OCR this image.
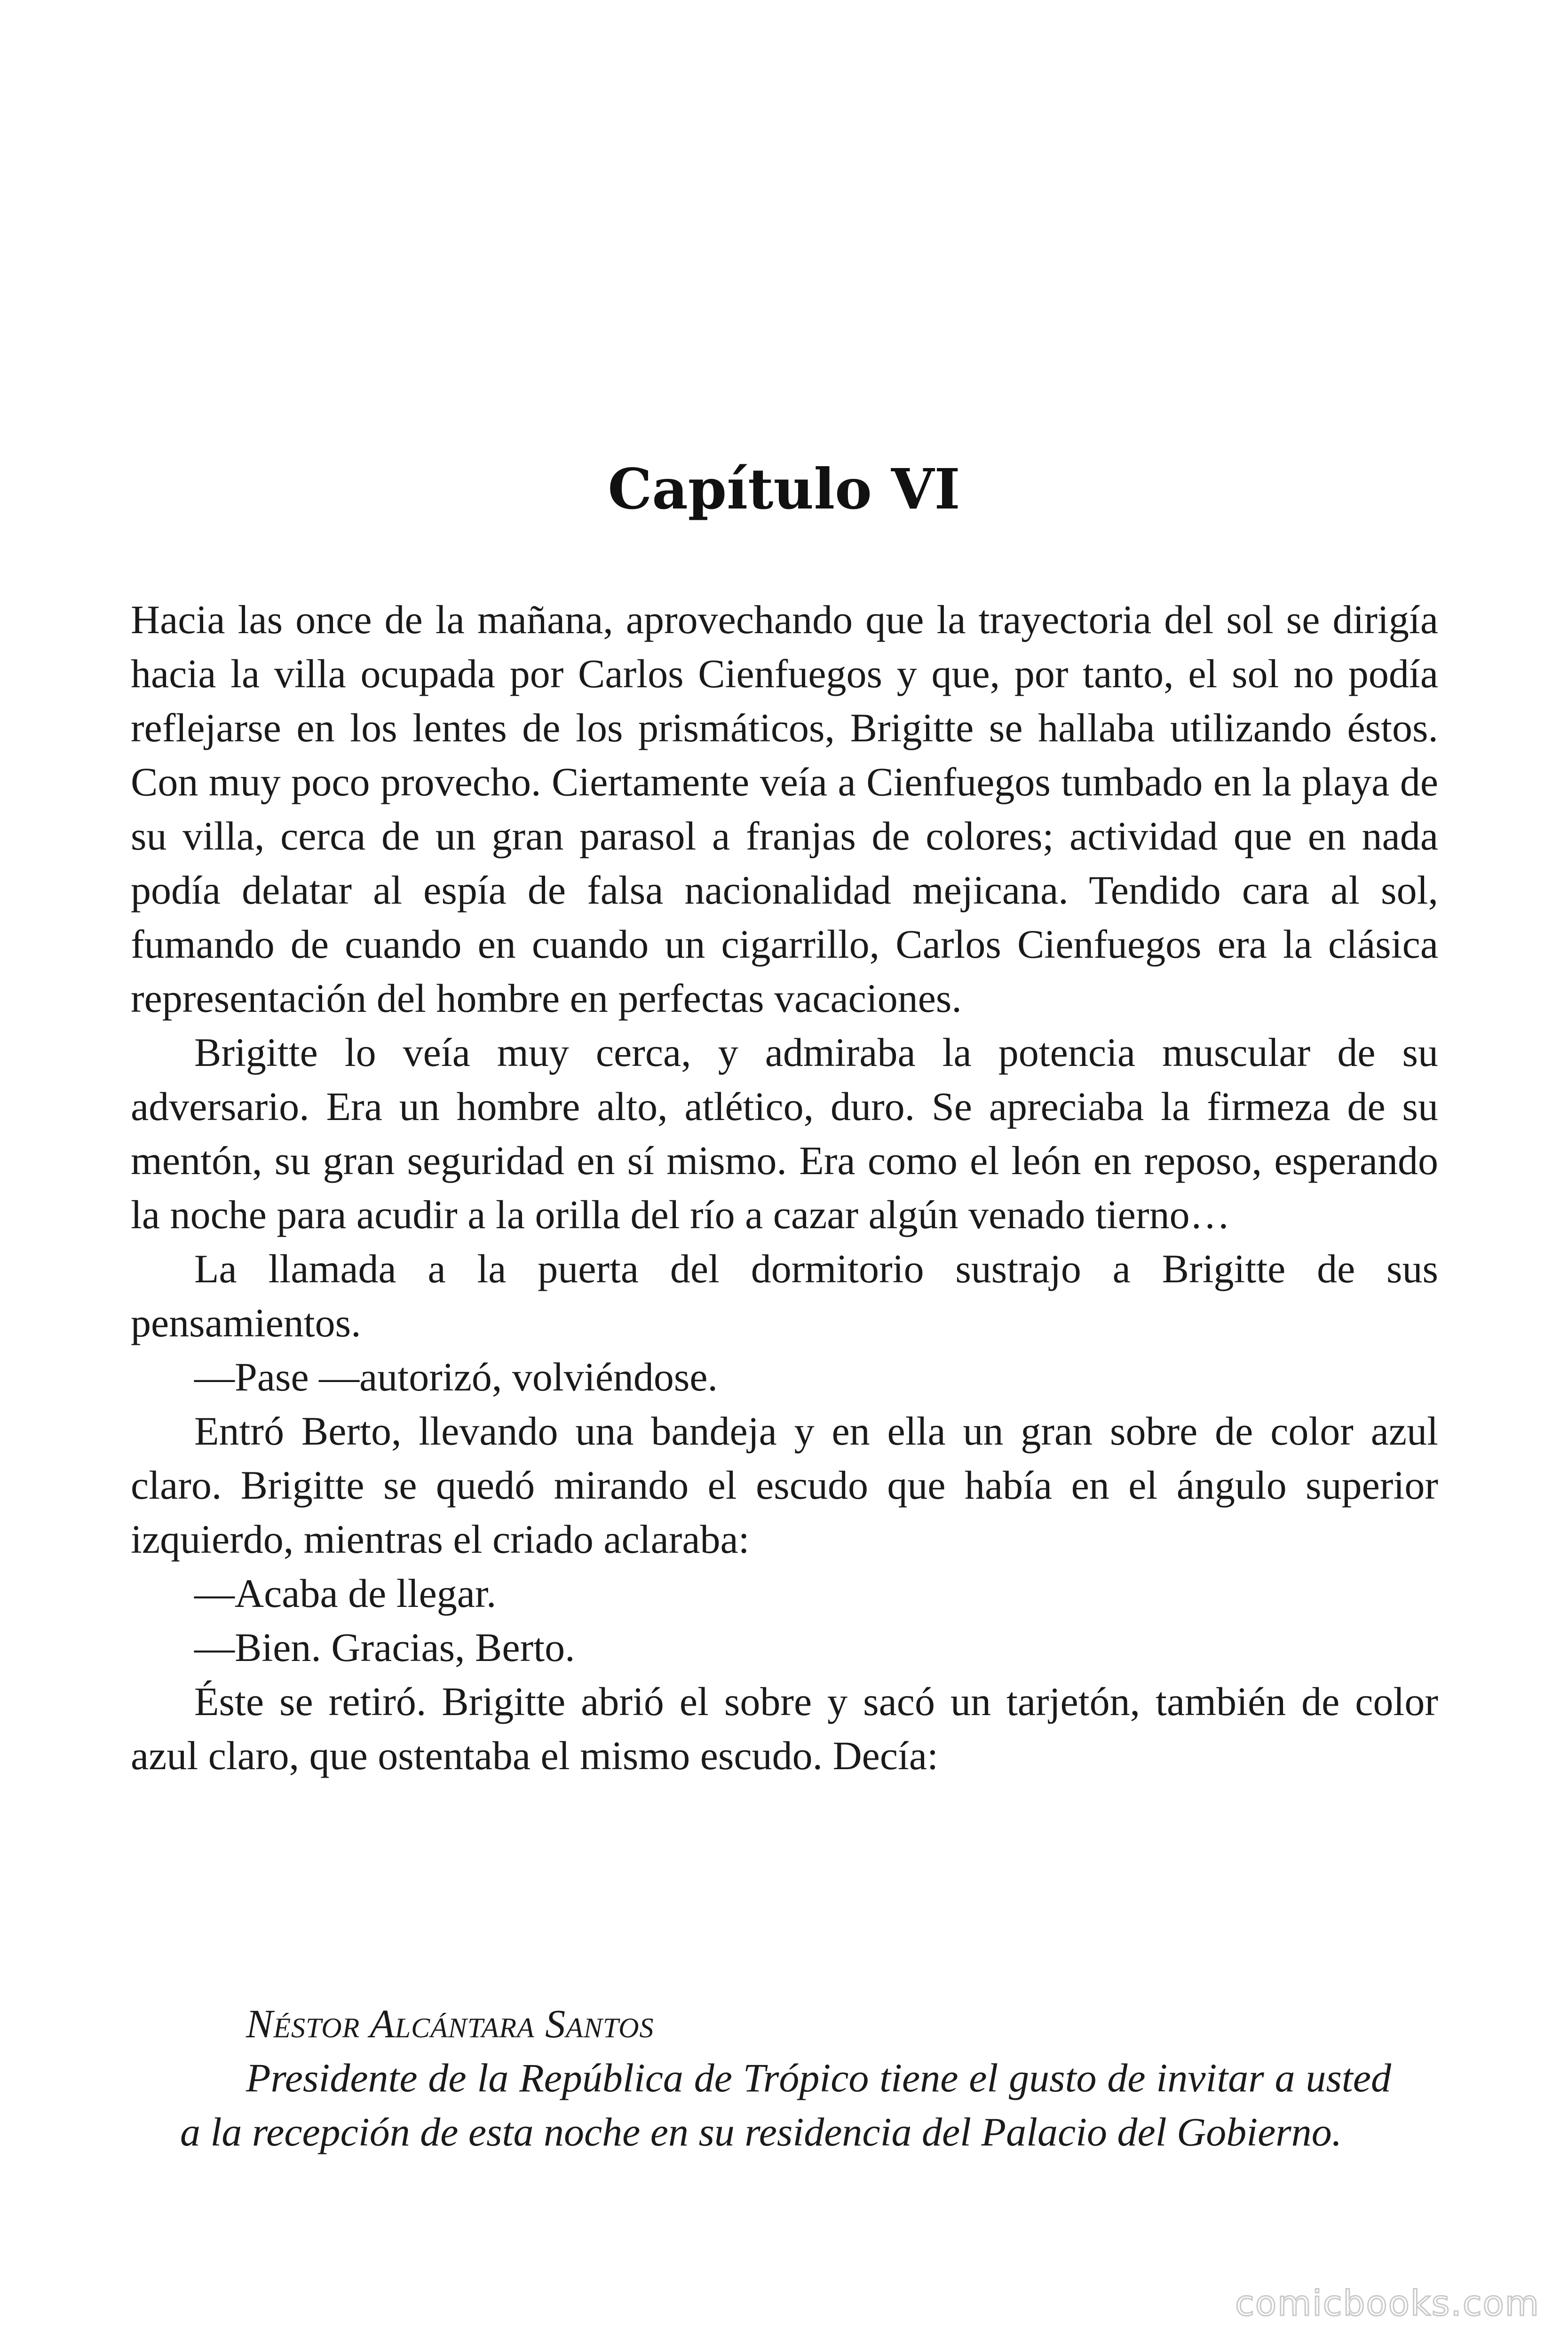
Capítulo VI

Hacia las once de la mañana, aprovechando que la trayectoria del sol se dirigía hacia la villa ocupada por Carlos Cienfuegos y que, por tanto, el sol no podía reflejarse en los lentes de los prismáticos, Brigitte se hallaba utilizando éstos. Con muy poco provecho. Ciertamente veía a Cienfuegos tumbado en la playa de su villa, cerca de un gran parasol a franjas de colores; actividad que en nada podía delatar al espía de falsa nacionalidad mejicana. Tendido cara al sol, fumando de cuando en cuando un cigarrillo, Carlos Cienfuegos era la clásica representación del hombre en perfectas vacaciones.

Brigitte lo veía muy cerca, y admiraba la potencia muscular de su adversario. Era un hombre alto, atlético, duro. Se apreciaba la firmeza de su mentón, su gran seguridad en sí mismo. Era como el león en reposo, esperando la noche para acudir a la orilla del río a cazar algún venado tierno…

La llamada a la puerta del dormitorio sustrajo a Brigitte de sus pensamientos.

—Pase —autorizó, volviéndose.

Entró Berto, llevando una bandeja y en ella un gran sobre de color azul claro. Brigitte se quedó mirando el escudo que había en el ángulo superior izquierdo, mientras el criado aclaraba:

—Acaba de llegar.

—Bien. Gracias, Berto.

Éste se retiró. Brigitte abrió el sobre y sacó un tarjetón, también de color azul claro, que ostentaba el mismo escudo. Decía:

Néstor Alcántara Santos

Presidente de la República de Trópico tiene el gusto de invitar a usted a la recepción de esta noche en su residencia del Palacio del Gobierno.

comicbooks.com
